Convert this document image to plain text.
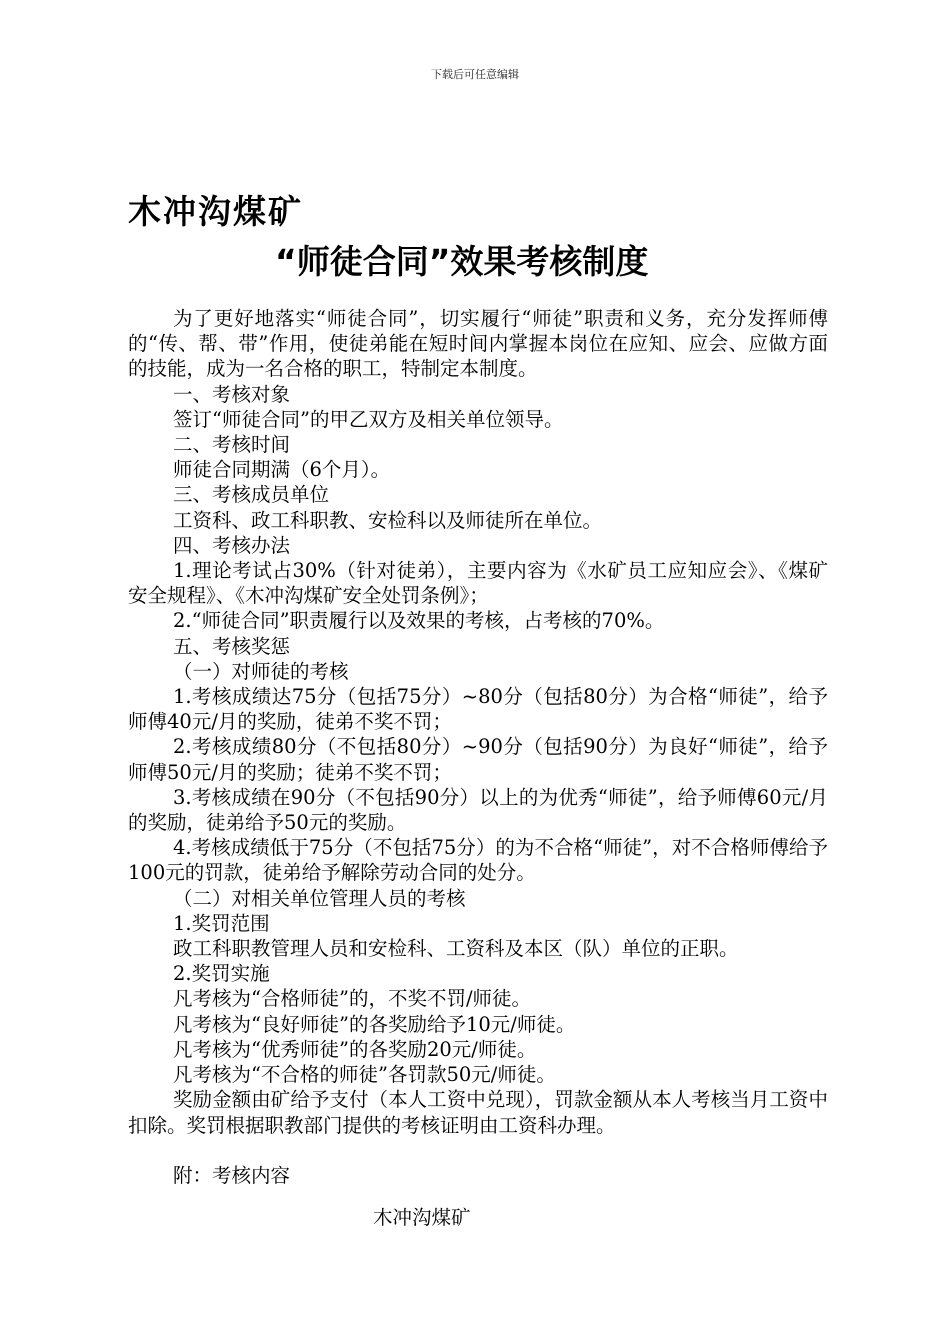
下载后可任意编辑
木冲沟煤矿
“师徒合同”效果考核制度

为了更好地落实“师徒合同”，切实履行“师徒”职责和义务，充分发挥师傅的“传、帮、带”作用，使徒弟能在短时间内掌握本岗位在应知、应会、应做方面的技能，成为一名合格的职工，特制定本制度。

一、考核对象

签订“师徒合同”的甲乙双方及相关单位领导。

二、考核时间

师徒合同期满（6个月）。

三、考核成员单位

工资科、政工科职教、安检科以及师徒所在单位。

四、考核办法

1.理论考试占30%（针对徒弟），主要内容为《水矿员工应知应会》、《煤矿安全规程》、《木冲沟煤矿安全处罚条例》；

2.“师徒合同”职责履行以及效果的考核，占考核的70%。

五、考核奖惩

（一）对师徒的考核

1.考核成绩达75分（包括75分）~80分（包括80分）为合格“师徒”，给予师傅40元/月的奖励，徒弟不奖不罚；

2.考核成绩80分（不包括80分）~90分（包括90分）为良好“师徒”，给予师傅50元/月的奖励；徒弟不奖不罚；

3.考核成绩在90分（不包括90分）以上的为优秀“师徒”，给予师傅60元/月的奖励，徒弟给予50元的奖励。

4.考核成绩低于75分（不包括75分）的为不合格“师徒”，对不合格师傅给予100元的罚款，徒弟给予解除劳动合同的处分。

（二）对相关单位管理人员的考核

1.奖罚范围

政工科职教管理人员和安检科、工资科及本区（队）单位的正职。

2.奖罚实施

凡考核为“合格师徒”的，不奖不罚/师徒。

凡考核为“良好师徒”的各奖励给予10元/师徒。

凡考核为“优秀师徒”的各奖励20元/师徒。

凡考核为“不合格的师徒”各罚款50元/师徒。

奖励金额由矿给予支付（本人工资中兑现），罚款金额从本人考核当月工资中扣除。奖罚根据职教部门提供的考核证明由工资科办理。

附：考核内容

木冲沟煤矿
